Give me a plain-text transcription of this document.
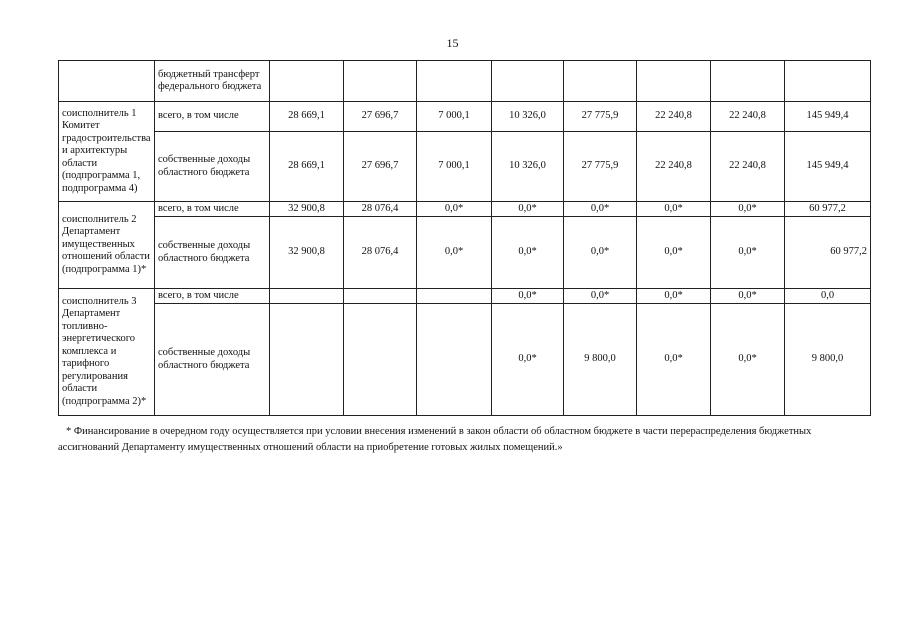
15
	бюджетный трансферт федерального бюджета								
соисполнитель 1 Комитет градостроительства и архитектуры области (подпрограмма 1, подпрограмма 4)	всего, в том числе	28 669,1	27 696,7	7 000,1	10 326,0	27 775,9	22 240,8	22 240,8	145 949,4
	собственные доходы областного бюджета	28 669,1	27 696,7	7 000,1	10 326,0	27 775,9	22 240,8	22 240,8	145 949,4
соисполнитель 2 Департамент имущественных отношений области (подпрограмма 1)*	всего, в том числе	32 900,8	28 076,4	0,0*	0,0*	0,0*	0,0*	0,0*	60 977,2
	собственные доходы областного бюджета	32 900,8	28 076,4	0,0*	0,0*	0,0*	0,0*	0,0*	60 977,2
соисполнитель 3 Департамент топливно-энергетического комплекса и тарифного регулирования области (подпрограмма 2)*	всего, в том числе				0,0*	0,0*	0,0*	0,0*	0,0
	собственные доходы областного бюджета				0,0*	9 800,0	0,0*	0,0*	9 800,0
* Финансирование в очередном году осуществляется при условии внесения изменений в закон области об областном бюджете в части перераспределения бюджетных ассигнований Департаменту имущественных отношений области на приобретение готовых жилых помещений.»
